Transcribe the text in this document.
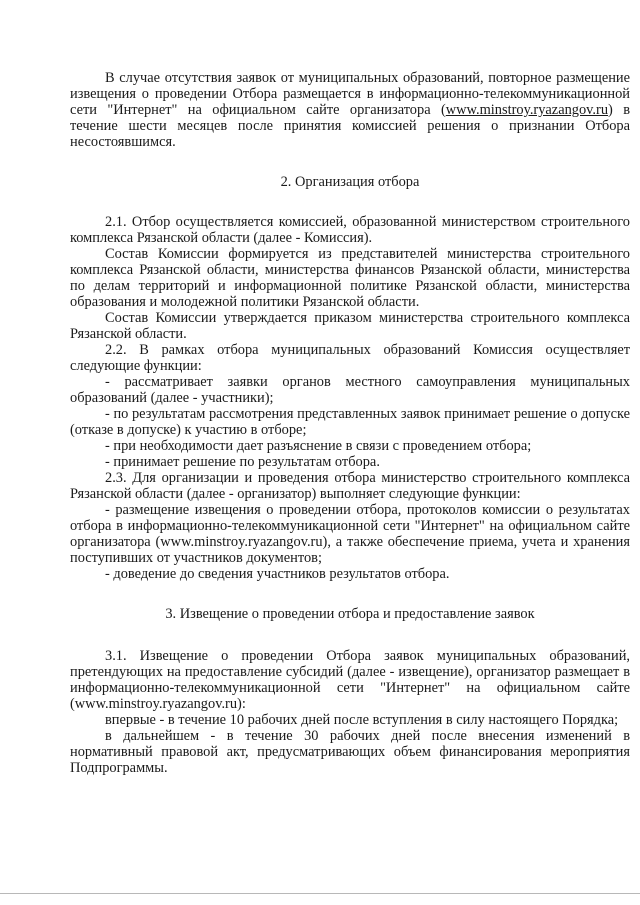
В случае отсутствия заявок от муниципальных образований, повторное размещение извещения о проведении Отбора размещается в информационно-телекоммуникационной сети "Интернет" на официальном сайте организатора (www.minstroy.ryazangov.ru) в течение шести месяцев после принятия комиссией решения о признании Отбора несостоявшимся.

2. Организация отбора

2.1. Отбор осуществляется комиссией, образованной министерством строительного комплекса Рязанской области (далее - Комиссия).

Состав Комиссии формируется из представителей министерства строительного комплекса Рязанской области, министерства финансов Рязанской области, министерства по делам территорий и информационной политике Рязанской области, министерства образования и молодежной политики Рязанской области.

Состав Комиссии утверждается приказом министерства строительного комплекса Рязанской области.

2.2. В рамках отбора муниципальных образований Комиссия осуществляет следующие функции:

- рассматривает заявки органов местного самоуправления муниципальных образований (далее - участники);

- по результатам рассмотрения представленных заявок принимает решение о допуске (отказе в допуске) к участию в отборе;

- при необходимости дает разъяснение в связи с проведением отбора;

- принимает решение по результатам отбора.

2.3. Для организации и проведения отбора министерство строительного комплекса Рязанской области (далее - организатор) выполняет следующие функции:

- размещение извещения о проведении отбора, протоколов комиссии о результатах отбора в информационно-телекоммуникационной сети "Интернет" на официальном сайте организатора (www.minstroy.ryazangov.ru), а также обеспечение приема, учета и хранения поступивших от участников документов;

- доведение до сведения участников результатов отбора.

3. Извещение о проведении отбора и предоставление заявок

3.1. Извещение о проведении Отбора заявок муниципальных образований, претендующих на предоставление субсидий (далее - извещение), организатор размещает в информационно-телекоммуникационной сети "Интернет" на официальном сайте (www.minstroy.ryazangov.ru):

впервые - в течение 10 рабочих дней после вступления в силу настоящего Порядка;

в дальнейшем - в течение 30 рабочих дней после внесения изменений в нормативный правовой акт, предусматривающих объем финансирования мероприятия Подпрограммы.
